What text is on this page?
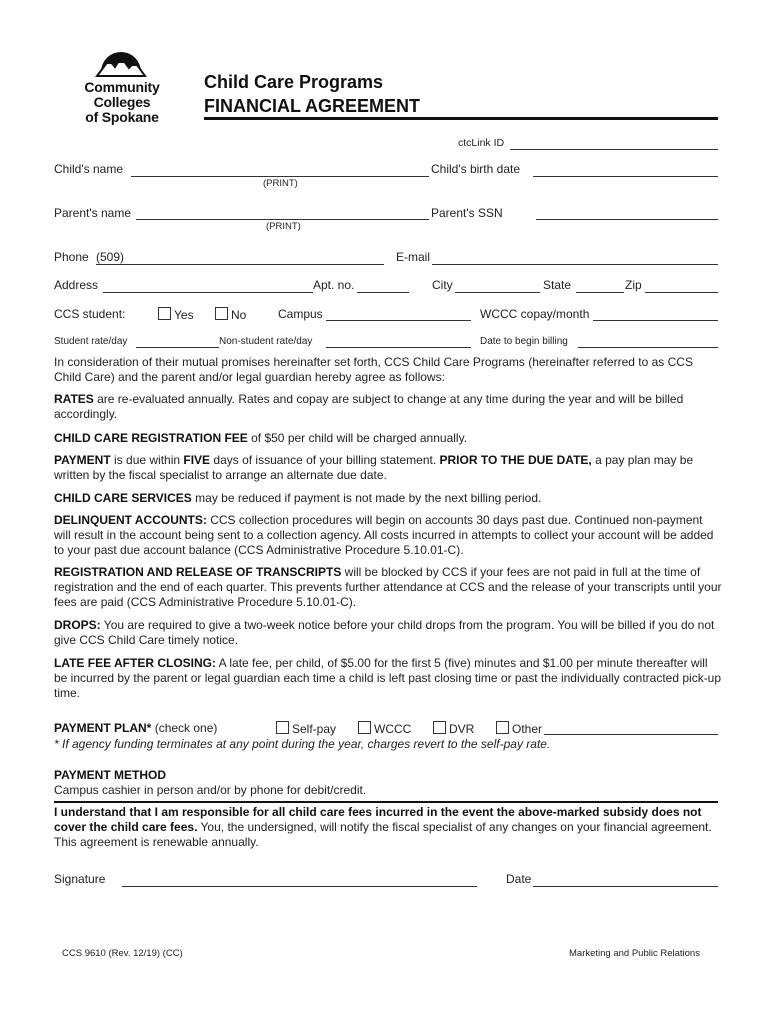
Community Colleges
of Spokane
Child Care Programs
FINANCIAL AGREEMENT
ctcLink ID
Child's name
(PRINT)
Child's birth date
Parent's name
(PRINT)
Parent's SSN
Phone (509)	E-mail
Address	Apt. no.	City	State	Zip
CCS student:	Yes	No	Campus	WCCC copay/month
Student rate/day	Non-student rate/day	Date to begin billing
In consideration of their mutual promises hereinafter set forth, CCS Child Care Programs (hereinafter referred to as CCS Child Care) and the parent and/or legal guardian hereby agree as follows:
RATES are re-evaluated annually. Rates and copay are subject to change at any time during the year and will be billed accordingly.
CHILD CARE REGISTRATION FEE of $50 per child will be charged annually.
PAYMENT is due within FIVE days of issuance of your billing statement. PRIOR TO THE DUE DATE, a pay plan may be written by the fiscal specialist to arrange an alternate due date.
CHILD CARE SERVICES may be reduced if payment is not made by the next billing period.
DELINQUENT ACCOUNTS: CCS collection procedures will begin on accounts 30 days past due. Continued non-payment will result in the account being sent to a collection agency. All costs incurred in attempts to collect your account will be added to your past due account balance (CCS Administrative Procedure 5.10.01-C).
REGISTRATION AND RELEASE OF TRANSCRIPTS will be blocked by CCS if your fees are not paid in full at the time of registration and the end of each quarter. This prevents further attendance at CCS and the release of your transcripts until your fees are paid (CCS Administrative Procedure 5.10.01-C).
DROPS: You are required to give a two-week notice before your child drops from the program. You will be billed if you do not give CCS Child Care timely notice.
LATE FEE AFTER CLOSING: A late fee, per child, of $5.00 for the first 5 (five) minutes and $1.00 per minute thereafter will be incurred by the parent or legal guardian each time a child is left past closing time or past the individually contracted pick-up time.
PAYMENT PLAN* (check one)	Self-pay	WCCC	DVR	Other
* If agency funding terminates at any point during the year, charges revert to the self-pay rate.
PAYMENT METHOD
Campus cashier in person and/or by phone for debit/credit.
I understand that I am responsible for all child care fees incurred in the event the above-marked subsidy does not cover the child care fees. You, the undersigned, will notify the fiscal specialist of any changes on your financial agreement. This agreement is renewable annually.
Signature	Date
CCS 9610 (Rev. 12/19) (CC)	Marketing and Public Relations
